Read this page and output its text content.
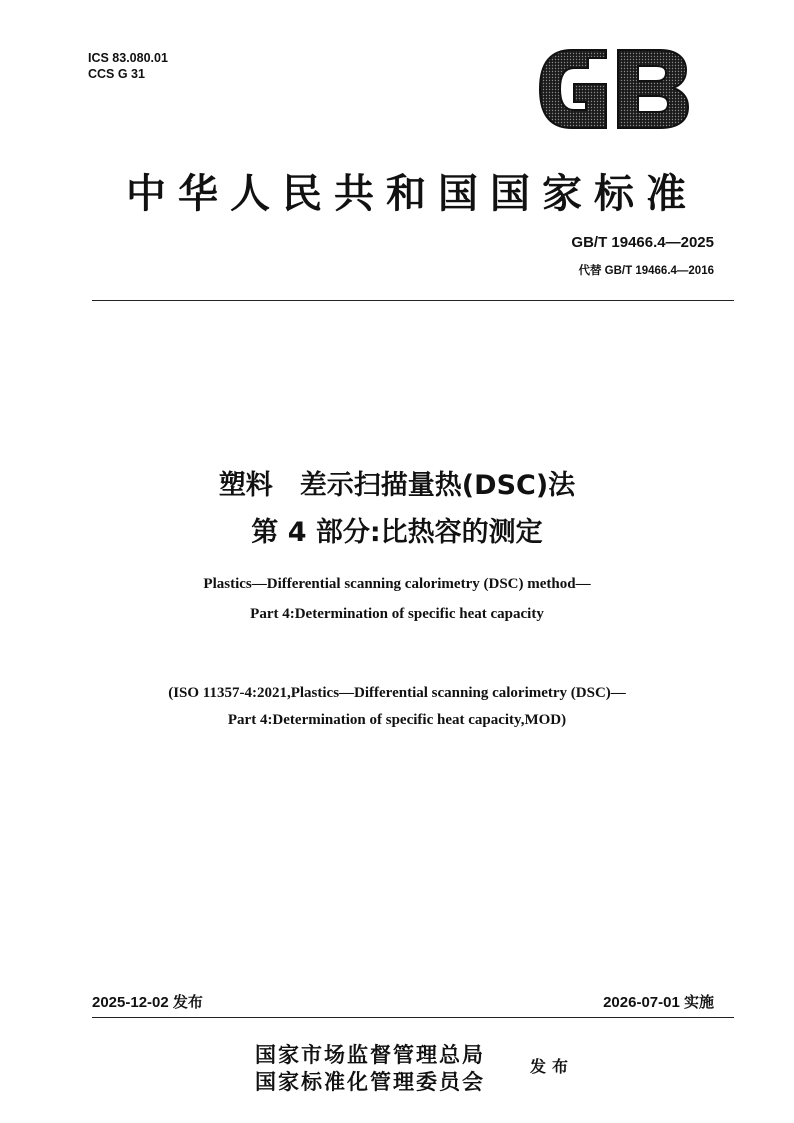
ICS 83.080.01
CCS G 31
中华人民共和国国家标准
GB/T 19466.4—2025
代替 GB/T 19466.4—2016
塑料　差示扫描量热(DSC)法
第 4 部分:比热容的测定
Plastics—Differential scanning calorimetry (DSC) method—
Part 4:Determination of specific heat capacity
(ISO 11357-4:2021,Plastics—Differential scanning calorimetry (DSC)—
Part 4:Determination of specific heat capacity,MOD)
2025-12-02 发布	2026-07-01 实施
国家市场监督管理总局
国家标准化管理委员会
发布
